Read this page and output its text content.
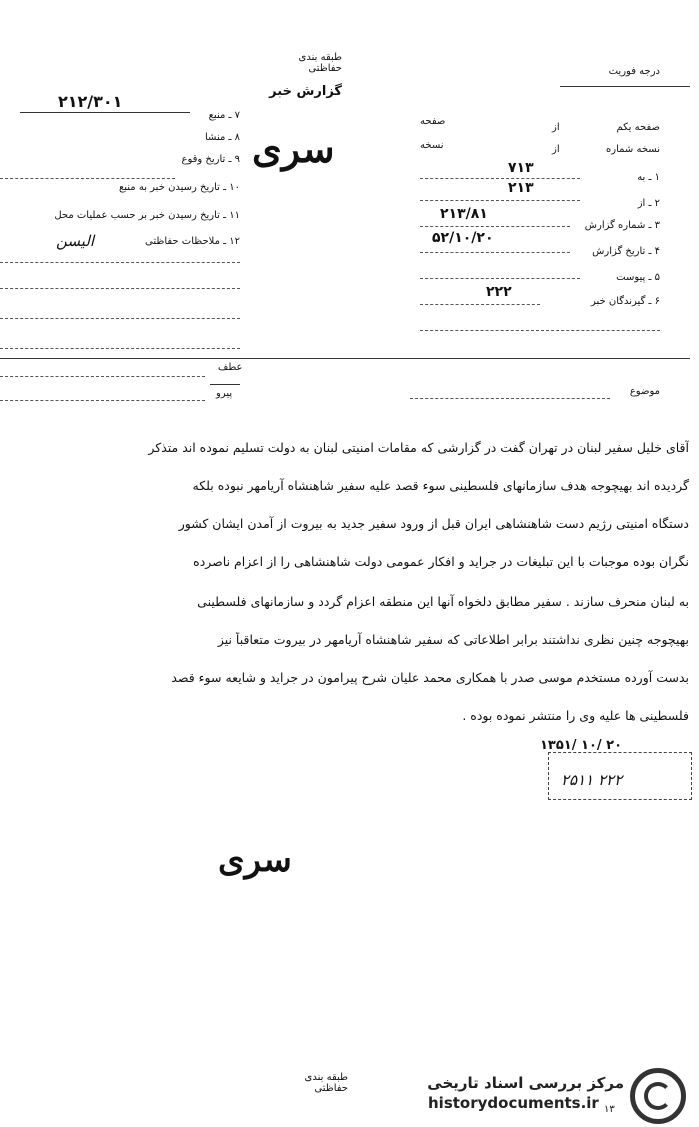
طبقه بندی حفاظتی
گزارش خبر
درجه فوریت
سری
۲۱۲/۳۰۱
۷ ـ منبع
۸ ـ منشا
۹ ـ تاریخ وقوع
۱۰ ـ تاریخ رسیدن خبر به منبع
۱۱ ـ تاریخ رسیدن خبر بر حسب عملیات محل
۱۲ ـ ملاحظات حفاظتی
الیسن
صفحه یکم
از
صفحه
نسخه شماره
از
نسخه
۱ ـ به
۷۱۳
۲ ـ از
۲۱۳
۳ ـ شماره گزارش
۲۱۳/۸۱
۴ ـ تاریخ گزارش
۵۲/۱۰/۲۰
۵ ـ پیوست
۶ ـ گیرندگان خبر
۲۲۲
موضوع
عطف
پیرو
آقای خلیل سفیر لبنان در تهران گفت در گزارشی که مقامات امنیتی لبنان به دولت تسلیم نموده اند متذکر
گردیده اند بهیچوجه هدف سازمانهای فلسطینی سوء قصد علیه سفیر شاهنشاه آریامهر نبوده بلکه
دستگاه امنیتی رژیم دست شاهنشاهی ایران قبل از ورود سفیر جدید به بیروت از آمدن ایشان کشور
نگران بوده موجبات با این تبلیغات در جراید و افکار عمومی دولت شاهنشاهی را از اعزام ناصرده
به لبنان منحرف سازند . سفیر مطابق دلخواه آنها این منطقه اعزام گردد و سازمانهای فلسطینی
بهیچوجه چنین نظری نداشتند برابر اطلاعاتی که سفیر شاهنشاه آریامهر در بیروت متعاقباً نیز
بدست آورده مستخدم موسی صدر با همکاری محمد علیان شرح پیرامون در جراید و شایعه سوء قصد
فلسطینی ها علیه وی را منتشر نموده بوده .
۱۳۵۱/ ۱۰/ ۲۰
۲۵۱۱ ۲۲۲
سری
طبقه بندی حفاظتی
۱۳
مرکز بررسی اسناد تاریخی
historydocuments.ir
